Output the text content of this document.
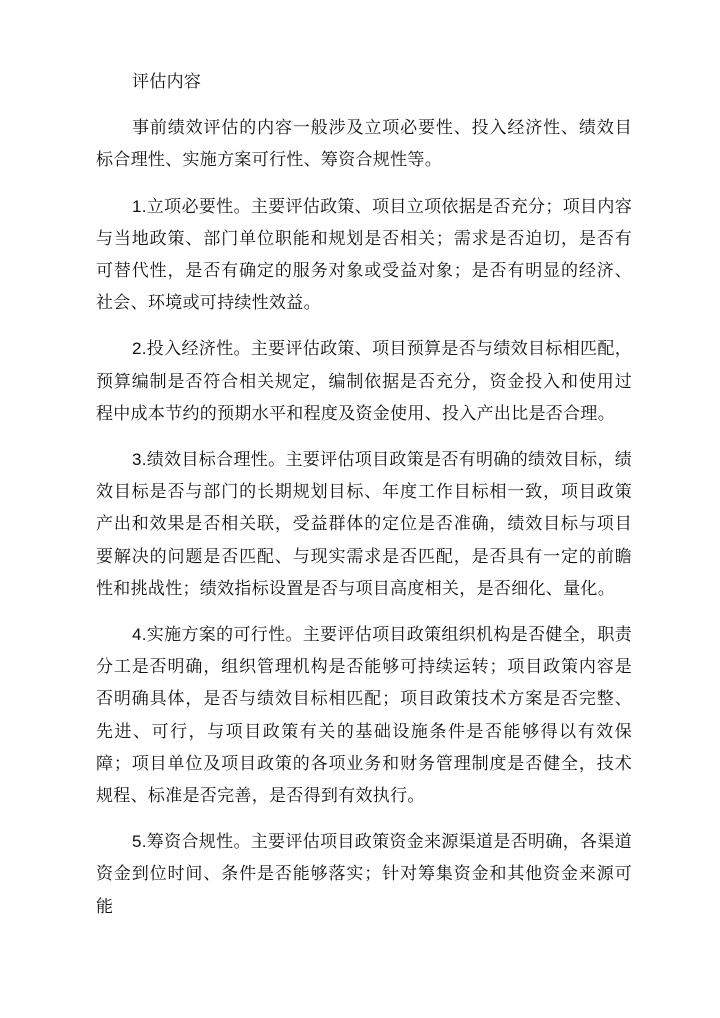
评估内容

事前绩效评估的内容一般涉及立项必要性、投入经济性、绩效目标合理性、实施方案可行性、筹资合规性等。

1.立项必要性。主要评估政策、项目立项依据是否充分；项目内容与当地政策、部门单位职能和规划是否相关；需求是否迫切，是否有可替代性，是否有确定的服务对象或受益对象；是否有明显的经济、社会、环境或可持续性效益。

2.投入经济性。主要评估政策、项目预算是否与绩效目标相匹配，预算编制是否符合相关规定，编制依据是否充分，资金投入和使用过程中成本节约的预期水平和程度及资金使用、投入产出比是否合理。

3.绩效目标合理性。主要评估项目政策是否有明确的绩效目标，绩效目标是否与部门的长期规划目标、年度工作目标相一致，项目政策产出和效果是否相关联，受益群体的定位是否准确，绩效目标与项目要解决的问题是否匹配、与现实需求是否匹配，是否具有一定的前瞻性和挑战性；绩效指标设置是否与项目高度相关，是否细化、量化。

4.实施方案的可行性。主要评估项目政策组织机构是否健全，职责分工是否明确，组织管理机构是否能够可持续运转；项目政策内容是否明确具体，是否与绩效目标相匹配；项目政策技术方案是否完整、先进、可行，与项目政策有关的基础设施条件是否能够得以有效保障；项目单位及项目政策的各项业务和财务管理制度是否健全，技术规程、标准是否完善，是否得到有效执行。

5.筹资合规性。主要评估项目政策资金来源渠道是否明确，各渠道资金到位时间、条件是否能够落实；针对筹集资金和其他资金来源可能
